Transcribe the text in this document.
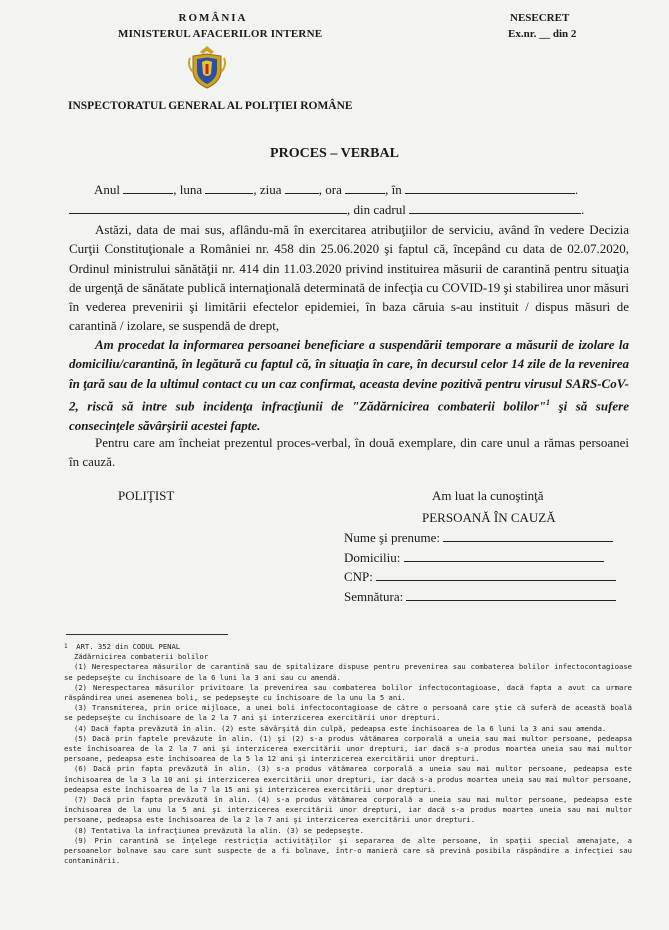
ROMÂNIA
MINISTERUL AFACERILOR INTERNE
NESECRET
Ex.nr. __ din 2
INSPECTORATUL GENERAL AL POLIŢIEI ROMÂNE
PROCES – VERBAL
Anul	, luna	, ziua	, ora	, în	.
, din cadrul	.
Astăzi, data de mai sus, aflându-mă în exercitarea atribuţiilor de serviciu, având în vedere Decizia Curţii Constituţionale a României nr. 458 din 25.06.2020 şi faptul că, începând cu data de 02.07.2020, Ordinul ministrului sănătăţii nr. 414 din 11.03.2020 privind instituirea măsurii de carantină pentru situaţia de urgenţă de sănătate publică internaţională determinată de infecţia cu COVID-19 şi stabilirea unor măsuri în vederea prevenirii şi limitării efectelor epidemiei, în baza căruia s-au instituit / dispus măsuri de carantină / izolare, se suspendă de drept,
Am procedat la informarea persoanei beneficiare a suspendării temporare a măsurii de izolare la domiciliu/carantină, în legătură cu faptul că, în situaţia în care, în decursul celor 14 zile de la revenirea în ţară sau de la ultimul contact cu un caz confirmat, aceasta devine pozitivă pentru virusul SARS-CoV-2, riscă să intre sub incidenţa infracţiunii de "Zădărnicirea combaterii bolilor"$^1$ şi să sufere consecinţele săvârşirii acestei fapte.
Pentru care am încheiat prezentul proces-verbal, în două exemplare, din care unul a rămas persoanei în cauză.
POLIŢIST	Am luat la cunoştinţă
PERSOANĂ ÎN CAUZĂ
Nume şi prenume:
Domiciliu:
CNP:
Semnătura:
$^1$ ART. 352 din CODUL PENAL
Zădărnicirea combaterii bolilor
(1) Nerespectarea măsurilor de carantină sau de spitalizare dispuse pentru prevenirea sau combaterea bolilor infectocontagioase se pedepseşte cu închisoare de la 6 luni la 3 ani sau cu amendă.
(2) Nerespectarea măsurilor privitoare la prevenirea sau combaterea bolilor infectocontagioase, dacă fapta a avut ca urmare răspândirea unei asemenea boli, se pedepseşte cu închisoare de la unu la 5 ani.
(3) Transmiterea, prin orice mijloace, a unei boli infectocontagioase de către o persoană care ştie că suferă de această boală se pedepseşte cu închisoare de la 2 la 7 ani şi interzicerea exercitării unor drepturi.
(4) Dacă fapta prevăzută în alin. (2) este săvârşită din culpă, pedeapsa este închisoarea de la 6 luni la 3 ani sau amenda.
(5) Dacă prin faptele prevăzute în alin. (1) şi (2) s-a produs vătămarea corporală a uneia sau mai multor persoane, pedeapsa este închisoarea de la 2 la 7 ani şi interzicerea exercitării unor drepturi, iar dacă s-a produs moartea uneia sau mai multor persoane, pedeapsa este închisoarea de la 5 la 12 ani şi interzicerea exercitării unor drepturi.
(6) Dacă prin fapta prevăzută în alin. (3) s-a produs vătămarea corporală a uneia sau mai multor persoane, pedeapsa este închisoarea de la 3 la 10 ani şi interzicerea exercitării unor drepturi, iar dacă s-a produs moartea uneia sau mai multor persoane, pedeapsa este închisoarea de la 7 la 15 ani şi interzicerea exercitării unor drepturi.
(7) Dacă prin fapta prevăzută în alin. (4) s-a produs vătămarea corporală a uneia sau mai multor persoane, pedeapsa este închisoarea de la unu la 5 ani şi interzicerea exercitării unor drepturi, iar dacă s-a produs moartea uneia sau mai multor persoane, pedeapsa este închisoarea de la 2 la 7 ani şi interzicerea exercitării unor drepturi.
(8) Tentativa la infracţiunea prevăzută la alin. (3) se pedepseşte.
(9) Prin carantină se înţelege restricţia activităţilor şi separarea de alte persoane, în spaţii special amenajate, a persoanelor bolnave sau care sunt suspecte de a fi bolnave, într-o manieră care să prevină posibila răspândire a infecţiei sau contaminării.
